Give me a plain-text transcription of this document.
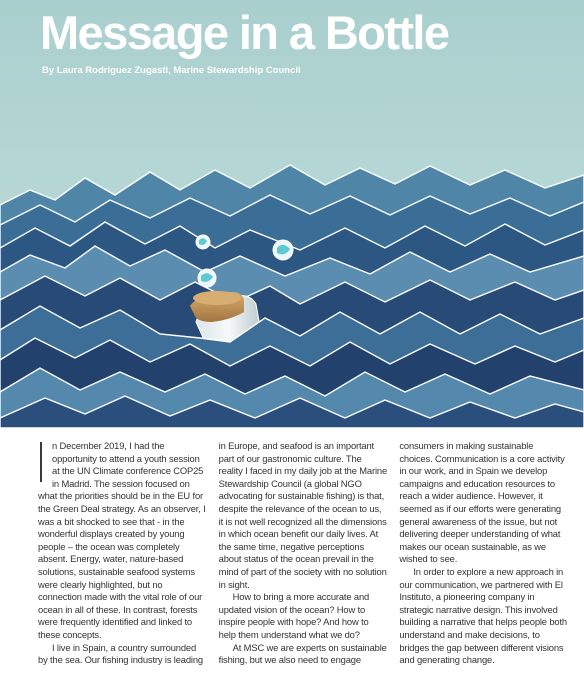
Message in a Bottle
By Laura Rodriguez Zugasti, Marine Stewardship Council

n December 2019, I had the opportunity to attend a youth session at the UN Climate conference COP25 in Madrid. The session focused on what the priorities should be in the EU for the Green Deal strategy. As an observer, I was a bit shocked to see that - in the wonderful displays created by young people – the ocean was completely absent. Energy, water, nature-based solutions, sustainable seafood systems were clearly highlighted, but no connection made with the vital role of our ocean in all of these. In contrast, forests were frequently identified and linked to these concepts.

I live in Spain, a country surrounded by the sea. Our fishing industry is leading

in Europe, and seafood is an important part of our gastronomic culture. The reality I faced in my daily job at the Marine Stewardship Council (a global NGO advocating for sustainable fishing) is that, despite the relevance of the ocean to us, it is not well recognized all the dimensions in which ocean benefit our daily lives. At the same time, negative perceptions about status of the ocean prevail in the mind of part of the society with no solution in sight.

How to bring a more accurate and updated vision of the ocean? How to inspire people with hope? And how to help them understand what we do?

At MSC we are experts on sustainable fishing, but we also need to engage

consumers in making sustainable choices. Communication is a core activity in our work, and in Spain we develop campaigns and education resources to reach a wider audience. However, it seemed as if our efforts were generating general awareness of the issue, but not delivering deeper understanding of what makes our ocean sustainable, as we wished to see.

In order to explore a new approach in our communication, we partnered with El Instituto, a pioneering company in strategic narrative design. This involved building a narrative that helps people both understand and make decisions, to bridges the gap between different visions and generating change.
